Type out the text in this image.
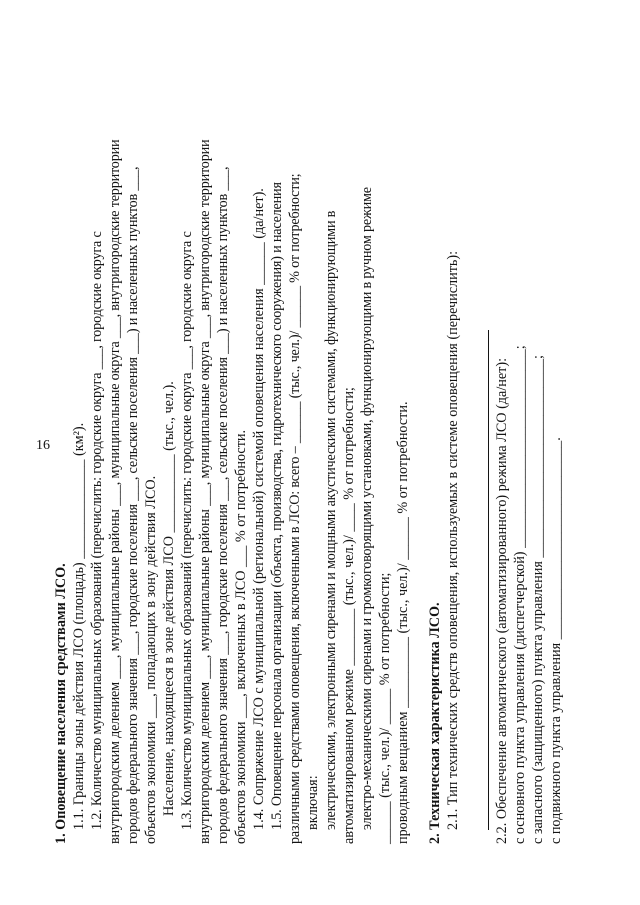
16
1. Оповещение населения средствами ЛСО. 1.1. Границы зоны действия ЛСО (площадь) ______________ (км²). 1.2. Количество муниципальных образований (перечислить: городские округа ___, городские округа с внутригородским делением ___, муниципальные районы ___, муниципальные округа ___, внутригородские территории городов федерального значения ___, городские поселения ___, сельские поселения ___) и населенных пунктов ___, объектов экономики ___, попадающих в зону действия ЛСО. Население, находящееся в зоне действия ЛСО ___________ (тыс., чел.). 1.3. Количество муниципальных образований (перечислить: городские округа ___, городские округа с внутригородским делением ___, муниципальные районы ___, муниципальные округа ___, внутригородские территории городов федерального значения ___, городские поселения ___, сельские поселения ___) и населенных пунктов ___, объектов экономики ___, включенных в ЛСО ___ % от потребности. 1.4. Сопряжение ЛСО с муниципальной (региональной) системой оповещения населения ______ (да/нет). 1.5. Оповещение персонала организации (объекта, производства, гидротехнического сооружения) и населения различными средствами оповещения, включенными в ЛСО: всего – ______ (тыс., чел.)/ ______ % от потребности; включая: электрическими, электронными сиренами и мощными акустическими системами, функционирующими в автоматизированном режиме ________ (тыс., чел.)/ ____ % от потребности; электро-механическими сиренами и громкоговорящими установками, функционирующими в ручном режиме ______ (тыс., чел.)/ _____ % от потребности; проводным вещанием __________ (тыс., чел.)/ ______ % от потребности. 2. Техническая характеристика ЛСО. 2.1. Тип технических средств оповещения, используемых в системе оповещения (перечислить): 2.2. Обеспечение автоматического (автоматизированного) режима ЛСО (да/нет): с основного пункта управления (диспетчерской) ____________________________; с запасного (защищенного) пункта управления ____________________________; с подвижного пункта управления ____________________________.
